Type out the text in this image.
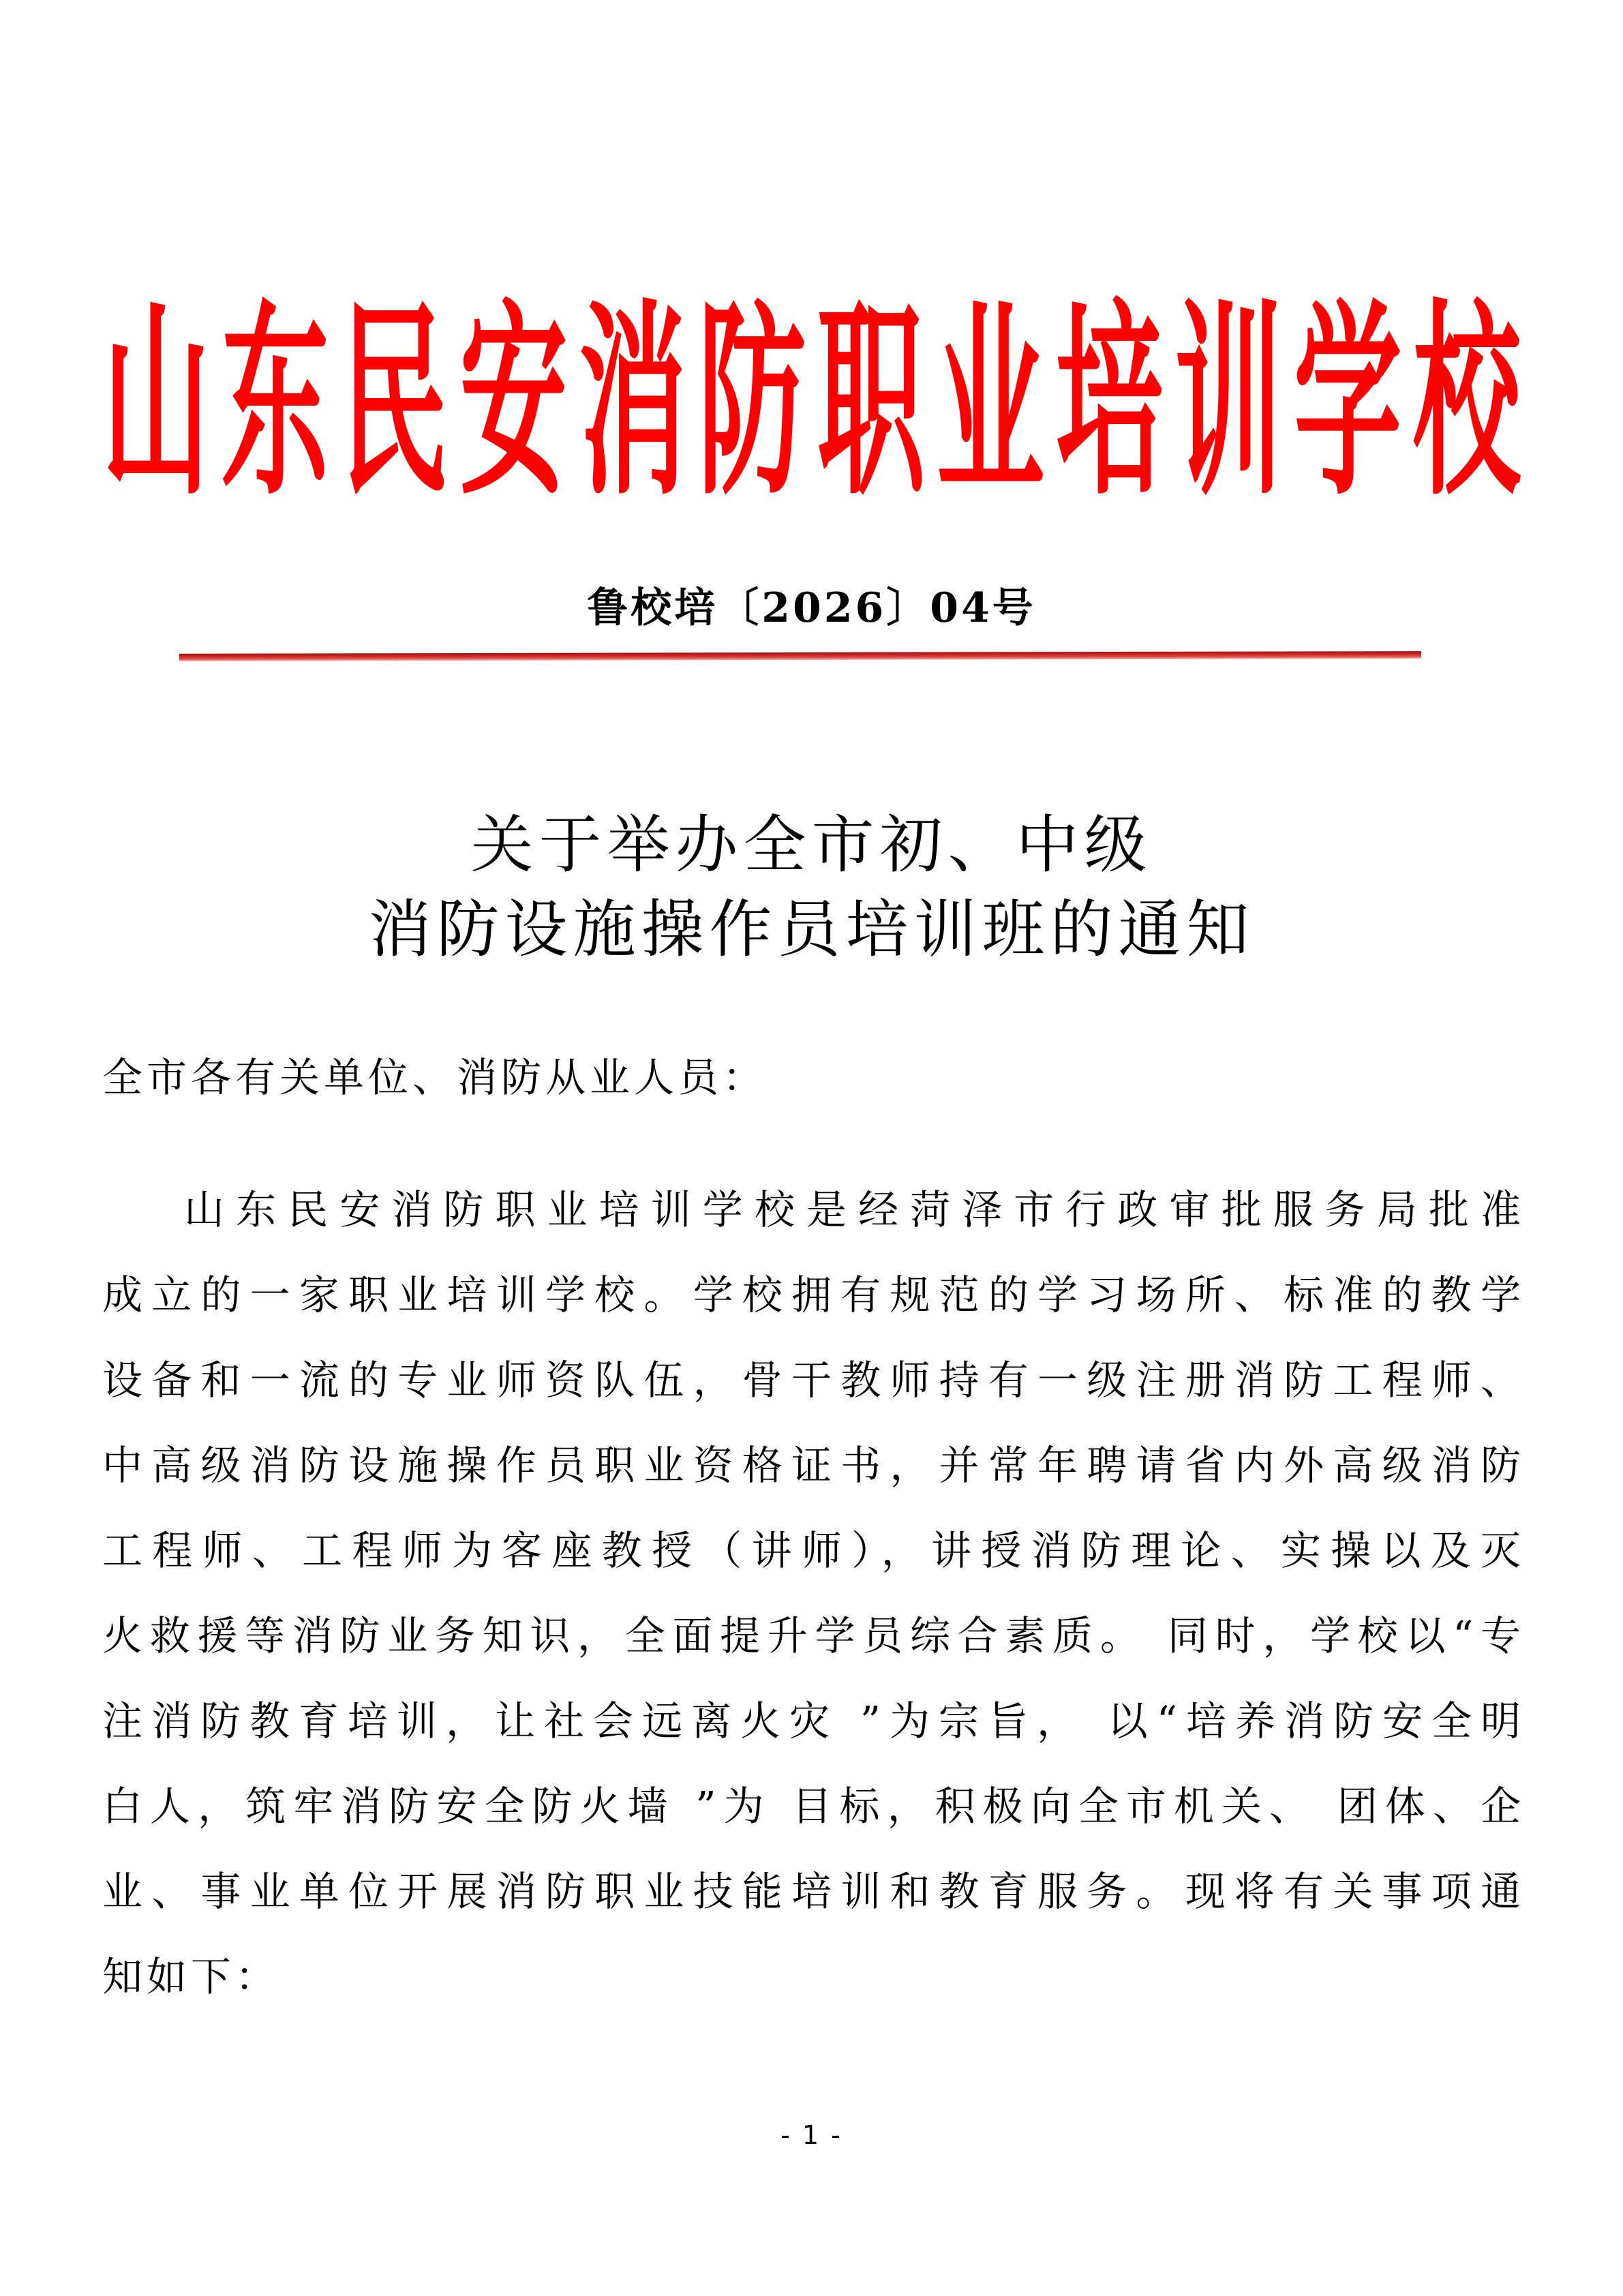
山东民安消防职业培训学校
鲁校培〔2026〕04号
关于举办全市初、中级
消防设施操作员培训班的通知
全市各有关单位、消防从业人员：
山东民安消防职业培训学校是经菏泽市行政审批服务局批准
成立的一家职业培训学校。学校拥有规范的学习场所、标准的教学
设备和一流的专业师资队伍，骨干教师持有一级注册消防工程师、
中高级消防设施操作员职业资格证书，并常年聘请省内外高级消防
工程师、工程师为客座教授（讲师），讲授消防理论、实操以及灭
火救援等消防业务知识，全面提升学员综合素质。 同时，学校以“专
注消防教育培训，让社会远离火灾 ”为宗旨， 以“培养消防安全明
白人，筑牢消防安全防火墙 ”为 目标，积极向全市机关、 团体、企
业、事业单位开展消防职业技能培训和教育服务。现将有关事项通
知如下：
- 1 -
